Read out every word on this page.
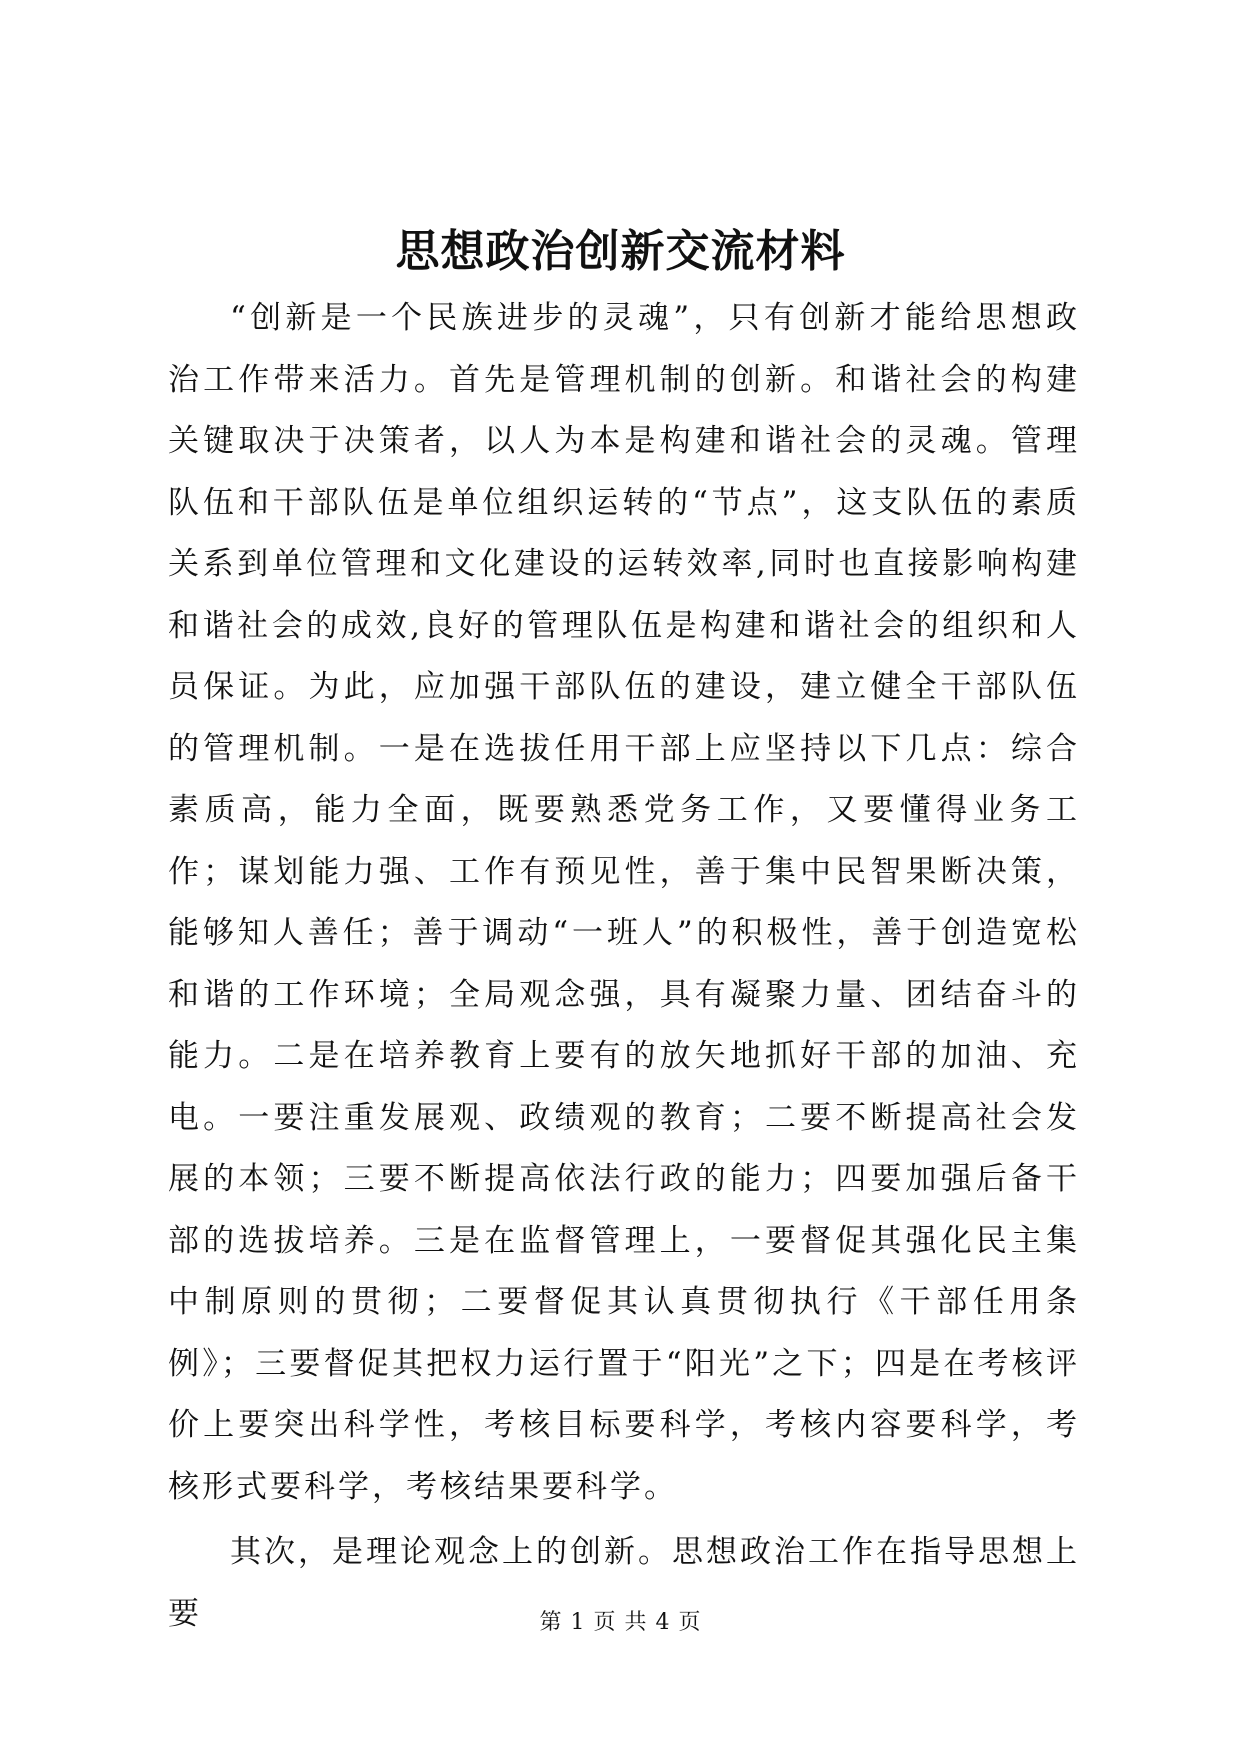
思想政治创新交流材料

“创新是一个民族进步的灵魂”，只有创新才能给思想政治工作带来活力。首先是管理机制的创新。和谐社会的构建关键取决于决策者，以人为本是构建和谐社会的灵魂。管理队伍和干部队伍是单位组织运转的“节点”，这支队伍的素质关系到单位管理和文化建设的运转效率,同时也直接影响构建和谐社会的成效,良好的管理队伍是构建和谐社会的组织和人员保证。为此，应加强干部队伍的建设，建立健全干部队伍的管理机制。一是在选拔任用干部上应坚持以下几点：综合素质高，能力全面，既要熟悉党务工作，又要懂得业务工作；谋划能力强、工作有预见性，善于集中民智果断决策，能够知人善任；善于调动“一班人”的积极性，善于创造宽松和谐的工作环境；全局观念强，具有凝聚力量、团结奋斗的能力。二是在培养教育上要有的放矢地抓好干部的加油、充电。一要注重发展观、政绩观的教育；二要不断提高社会发展的本领；三要不断提高依法行政的能力；四要加强后备干部的选拔培养。三是在监督管理上，一要督促其强化民主集中制原则的贯彻；二要督促其认真贯彻执行《干部任用条例》；三要督促其把权力运行置于“阳光”之下；四是在考核评价上要突出科学性，考核目标要科学，考核内容要科学，考核形式要科学，考核结果要科学。

其次，是理论观念上的创新。思想政治工作在指导思想上要	第 1 页 共 4 页
